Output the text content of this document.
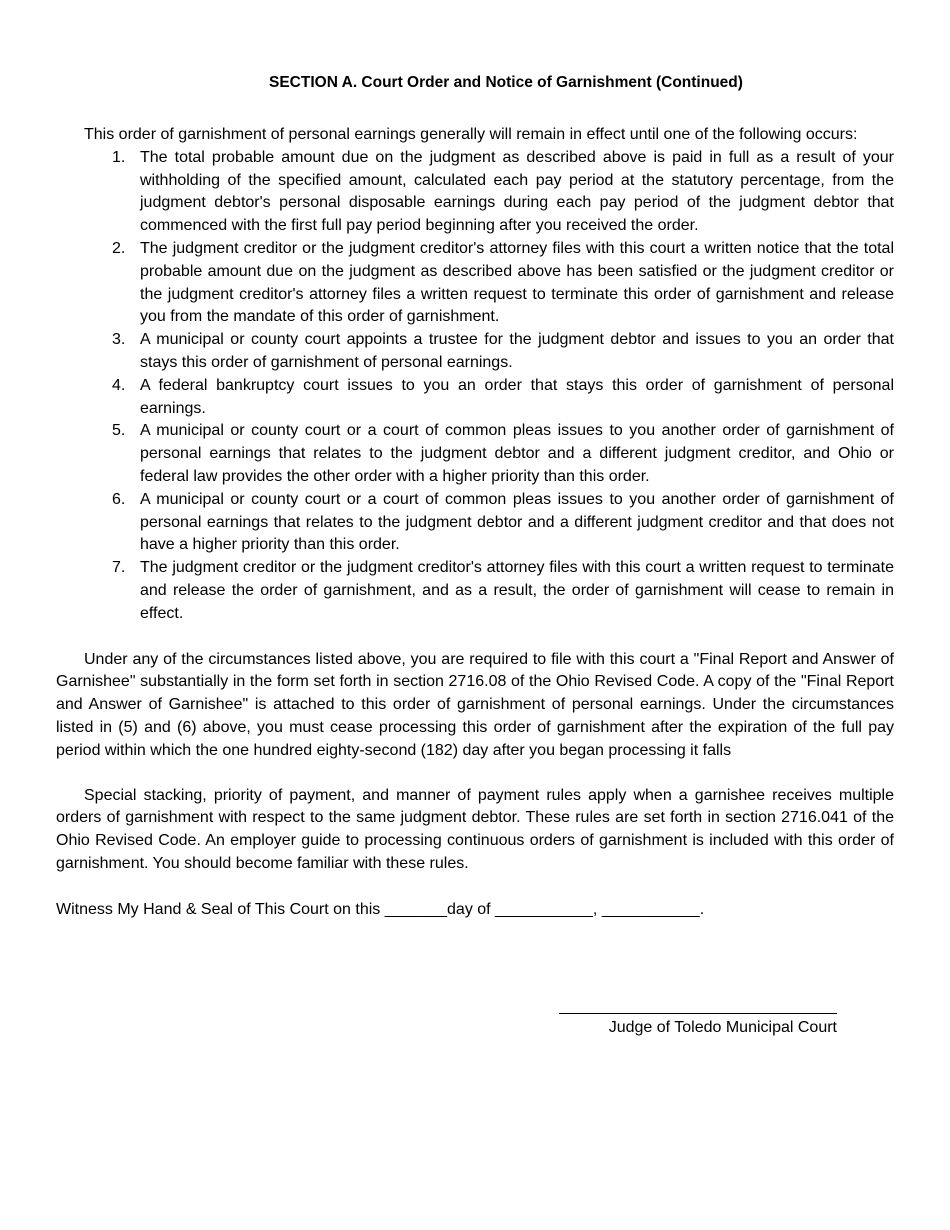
SECTION A. Court Order and Notice of Garnishment (Continued)

This order of garnishment of personal earnings generally will remain in effect until one of the following occurs:

1. The total probable amount due on the judgment as described above is paid in full as a result of your withholding of the specified amount, calculated each pay period at the statutory percentage, from the judgment debtor's personal disposable earnings during each pay period of the judgment debtor that commenced with the first full pay period beginning after you received the order.
2. The judgment creditor or the judgment creditor's attorney files with this court a written notice that the total probable amount due on the judgment as described above has been satisfied or the judgment creditor or the judgment creditor's attorney files a written request to terminate this order of garnishment and release you from the mandate of this order of garnishment.
3. A municipal or county court appoints a trustee for the judgment debtor and issues to you an order that stays this order of garnishment of personal earnings.
4. A federal bankruptcy court issues to you an order that stays this order of garnishment of personal earnings.
5. A municipal or county court or a court of common pleas issues to you another order of garnishment of personal earnings that relates to the judgment debtor and a different judgment creditor, and Ohio or federal law provides the other order with a higher priority than this order.
6. A municipal or county court or a court of common pleas issues to you another order of garnishment of personal earnings that relates to the judgment debtor and a different judgment creditor and that does not have a higher priority than this order.
7. The judgment creditor or the judgment creditor's attorney files with this court a written request to terminate and release the order of garnishment, and as a result, the order of garnishment will cease to remain in effect.

Under any of the circumstances listed above, you are required to file with this court a "Final Report and Answer of Garnishee" substantially in the form set forth in section 2716.08 of the Ohio Revised Code. A copy of the "Final Report and Answer of Garnishee" is attached to this order of garnishment of personal earnings. Under the circumstances listed in (5) and (6) above, you must cease processing this order of garnishment after the expiration of the full pay period within which the one hundred eighty-second (182) day after you began processing it falls

Special stacking, priority of payment, and manner of payment rules apply when a garnishee receives multiple orders of garnishment with respect to the same judgment debtor. These rules are set forth in section 2716.041 of the Ohio Revised Code. An employer guide to processing continuous orders of garnishment is included with this order of garnishment. You should become familiar with these rules.

Witness My Hand & Seal of This Court on this _______day of ___________, ___________.

Judge of Toledo Municipal Court
